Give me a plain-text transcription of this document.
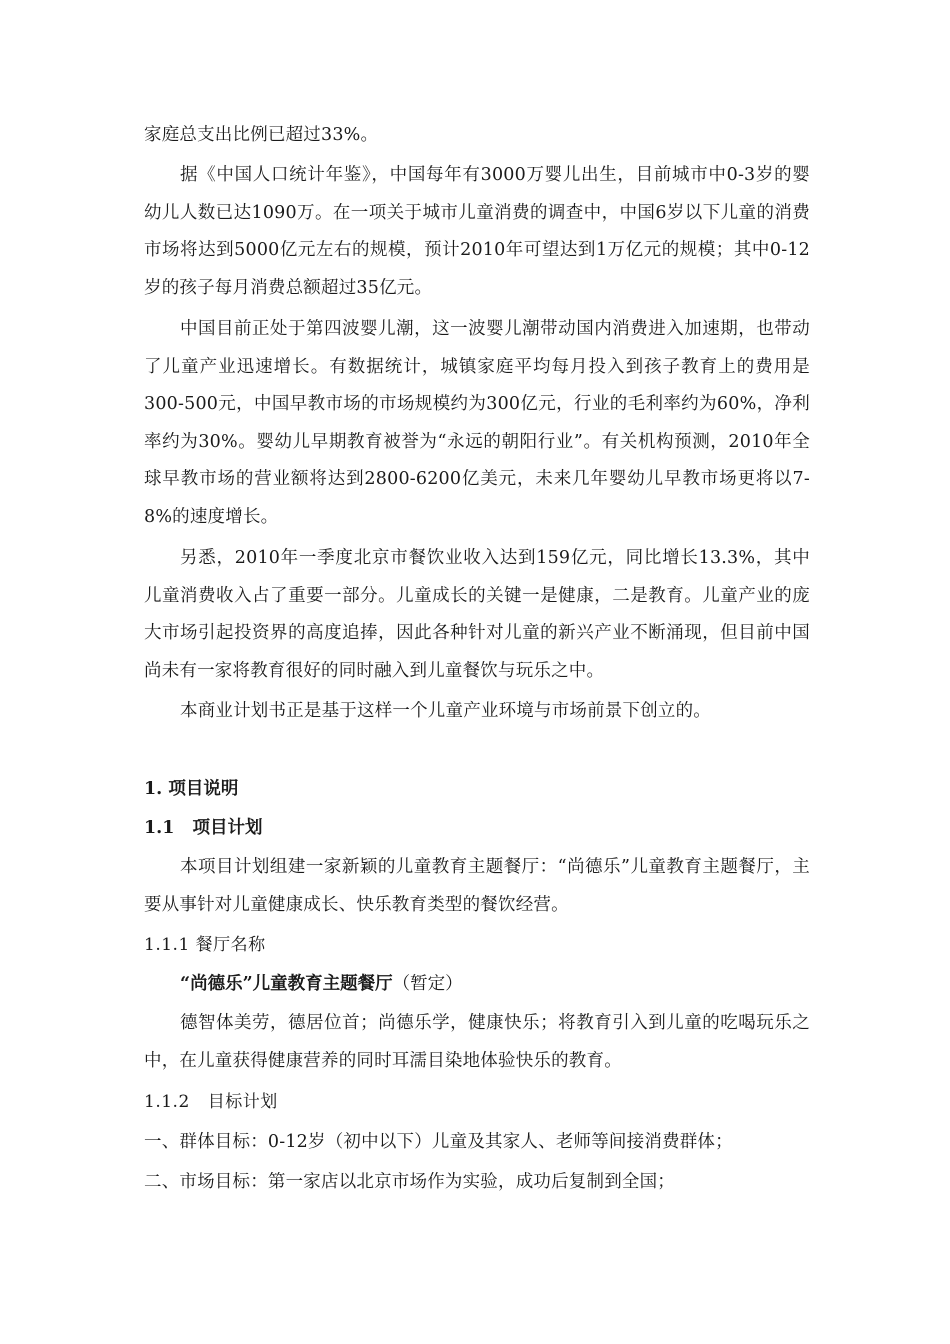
家庭总支出比例已超过33%。

据《中国人口统计年鉴》，中国每年有3000万婴儿出生，目前城市中0-3岁的婴幼儿人数已达1090万。在一项关于城市儿童消费的调查中，中国6岁以下儿童的消费市场将达到5000亿元左右的规模，预计2010年可望达到1万亿元的规模；其中0-12岁的孩子每月消费总额超过35亿元。

中国目前正处于第四波婴儿潮，这一波婴儿潮带动国内消费进入加速期，也带动了儿童产业迅速增长。有数据统计，城镇家庭平均每月投入到孩子教育上的费用是300-500元，中国早教市场的市场规模约为300亿元，行业的毛利率约为60%，净利率约为30%。婴幼儿早期教育被誉为“永远的朝阳行业”。有关机构预测，2010年全球早教市场的营业额将达到2800-6200亿美元，未来几年婴幼儿早教市场更将以7-8%的速度增长。

另悉，2010年一季度北京市餐饮业收入达到159亿元，同比增长13.3%，其中儿童消费收入占了重要一部分。儿童成长的关键一是健康，二是教育。儿童产业的庞大市场引起投资界的高度追捧，因此各种针对儿童的新兴产业不断涌现，但目前中国尚未有一家将教育很好的同时融入到儿童餐饮与玩乐之中。

本商业计划书正是基于这样一个儿童产业环境与市场前景下创立的。

1. 项目说明
1.1 项目计划

本项目计划组建一家新颖的儿童教育主题餐厅：“尚德乐”儿童教育主题餐厅，主要从事针对儿童健康成长、快乐教育类型的餐饮经营。

1.1.1 餐厅名称

“尚德乐”儿童教育主题餐厅（暂定）

德智体美劳，德居位首；尚德乐学，健康快乐；将教育引入到儿童的吃喝玩乐之中，在儿童获得健康营养的同时耳濡目染地体验快乐的教育。

1.1.2 目标计划

一、群体目标：0-12岁（初中以下）儿童及其家人、老师等间接消费群体；

二、市场目标：第一家店以北京市场作为实验，成功后复制到全国；
